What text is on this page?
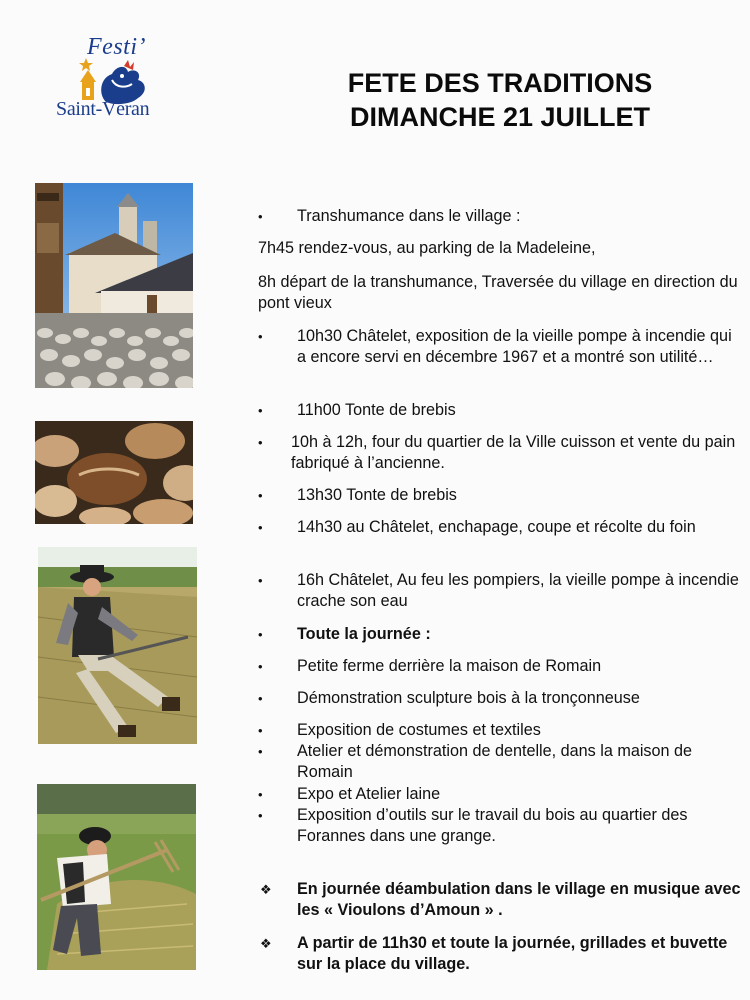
Festi’
Saint-Véran
FETE DES TRADITIONS
DIMANCHE 21 JUILLET
•	Transhumance dans le village :
7h45 rendez-vous, au parking de la Madeleine,
8h départ de la transhumance, Traversée du village en direction du pont vieux
•	10h30 Châtelet, exposition de la vieille pompe à incendie qui a encore servi en décembre 1967 et a montré son utilité…
•	11h00 Tonte de brebis
•	10h à 12h, four du quartier de la Ville cuisson et vente du pain fabriqué à l’ancienne.
•	13h30 Tonte de brebis
•	14h30 au Châtelet, enchapage, coupe et récolte du foin
•	16h Châtelet, Au feu les pompiers, la vieille pompe à incendie crache son eau
•	Toute la journée :
•	Petite ferme derrière la maison de Romain
•	Démonstration sculpture bois à la tronçonneuse
•	Exposition de costumes et textiles
•	Atelier et démonstration de dentelle, dans la maison de Romain
•	Expo et Atelier laine
•	Exposition d’outils sur le travail du bois au quartier des Forannes dans une grange.
❖	En journée déambulation dans le village en musique avec les « Vioulons d’Amoun » .
❖	A partir de 11h30 et toute la journée, grillades et buvette sur la place du village.
